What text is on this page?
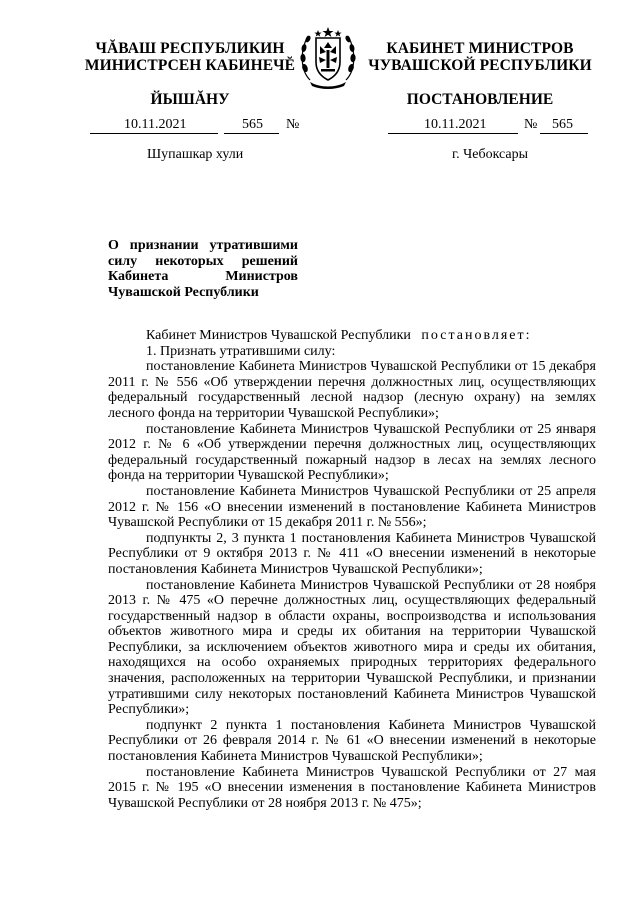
ЧĂВАШ РЕСПУБЛИКИН
МИНИСТРСЕН КАБИНЕЧĔ
ЙЫШĂНУ
КАБИНЕТ МИНИСТРОВ
ЧУВАШСКОЙ РЕСПУБЛИКИ
ПОСТАНОВЛЕНИЕ
10.11.2021	565 №	10.11.2021	№ 565
Шупашкар хули	г. Чебоксары
О признании утратившими силу некоторых решений Кабинета Министров Чувашской Республики

Кабинет Министров Чувашской Республики постановляет:

1. Признать утратившими силу:

постановление Кабинета Министров Чувашской Республики от 15 декабря 2011 г. № 556 «Об утверждении перечня должностных лиц, осуществляющих федеральный государственный лесной надзор (лесную охрану) на землях лесного фонда на территории Чувашской Республики»;

постановление Кабинета Министров Чувашской Республики от 25 января 2012 г. № 6 «Об утверждении перечня должностных лиц, осуществляющих федеральный государственный пожарный надзор в лесах на землях лесного фонда на территории Чувашской Республики»;

постановление Кабинета Министров Чувашской Республики от 25 апреля 2012 г. № 156 «О внесении изменений в постановление Кабинета Министров Чувашской Республики от 15 декабря 2011 г. № 556»;

подпункты 2, 3 пункта 1 постановления Кабинета Министров Чувашской Республики от 9 октября 2013 г. № 411 «О внесении изменений в некоторые постановления Кабинета Министров Чувашской Республики»;

постановление Кабинета Министров Чувашской Республики от 28 ноября 2013 г. № 475 «О перечне должностных лиц, осуществляющих федеральный государственный надзор в области охраны, воспроизводства и использования объектов животного мира и среды их обитания на территории Чувашской Республики, за исключением объектов животного мира и среды их обитания, находящихся на особо охраняемых природных территориях федерального значения, расположенных на территории Чувашской Республики, и признании утратившими силу некоторых постановлений Кабинета Министров Чувашской Республики»;

подпункт 2 пункта 1 постановления Кабинета Министров Чувашской Республики от 26 февраля 2014 г. № 61 «О внесении изменений в некоторые постановления Кабинета Министров Чувашской Республики»;

постановление Кабинета Министров Чувашской Республики от 27 мая 2015 г. № 195 «О внесении изменения в постановление Кабинета Министров Чувашской Республики от 28 ноября 2013 г. № 475»;
